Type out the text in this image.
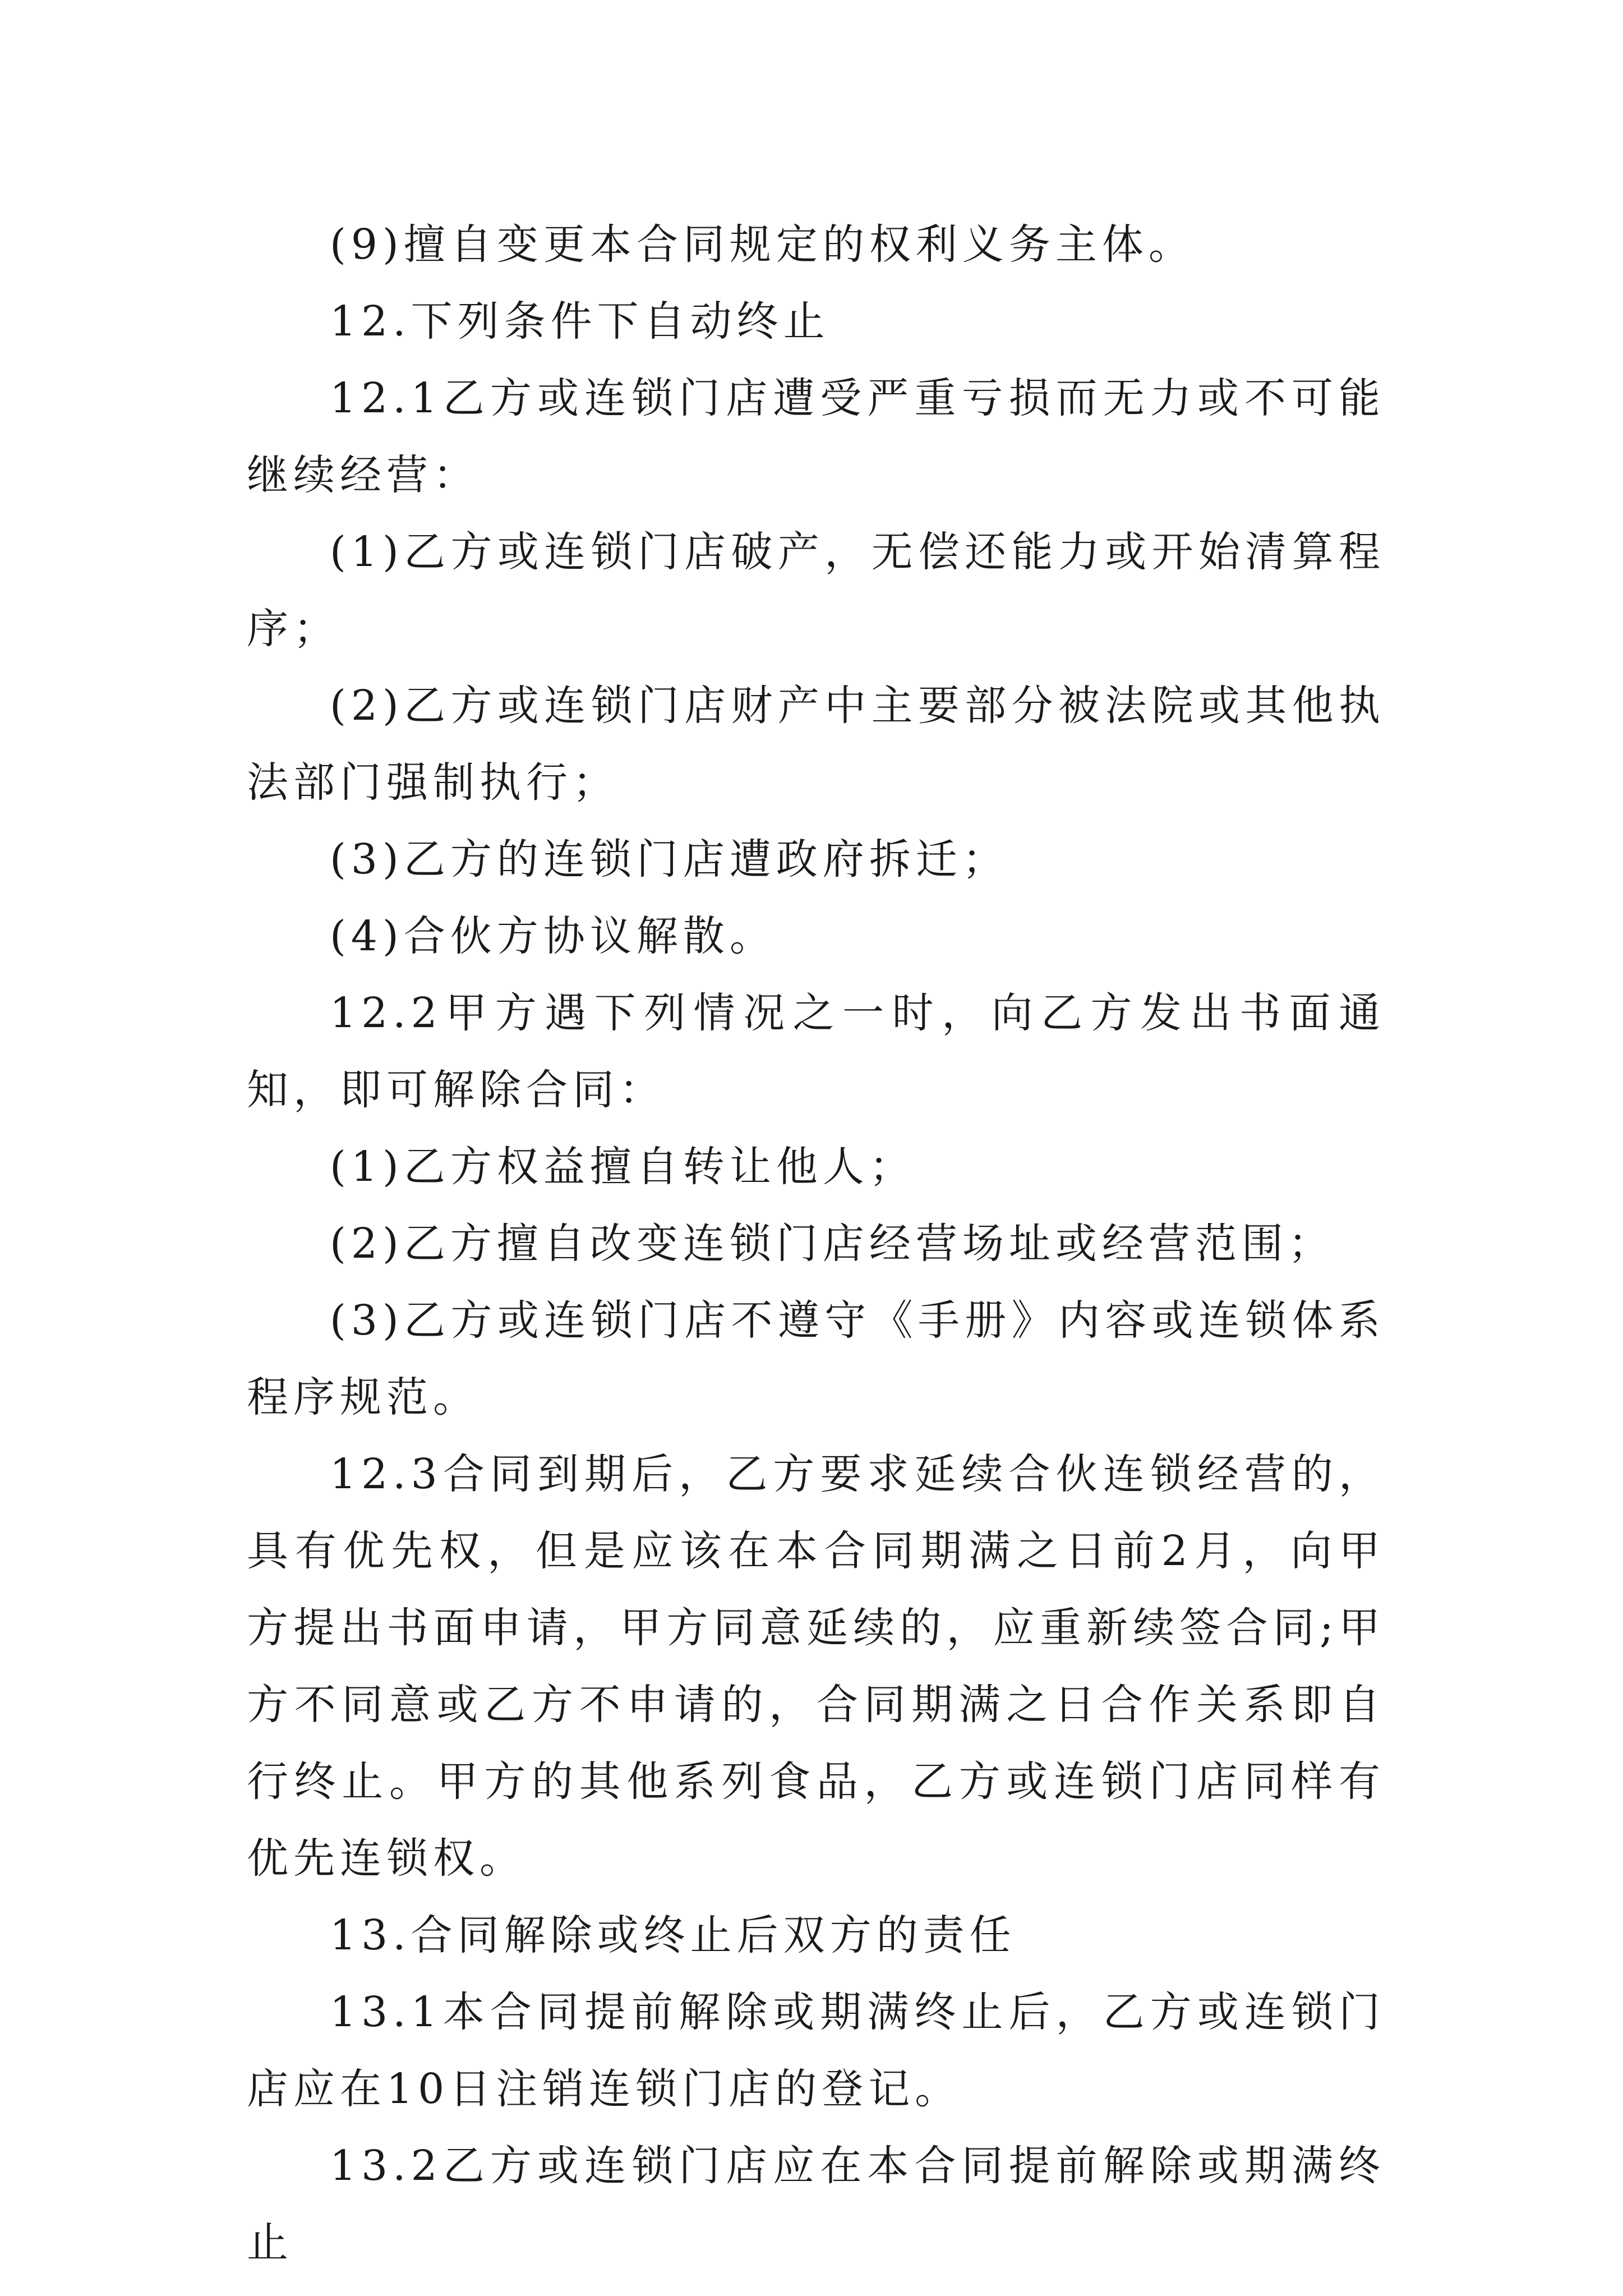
(9)擅自变更本合同规定的权利义务主体。

12.下列条件下自动终止

12.1乙方或连锁门店遭受严重亏损而无力或不可能继续经营：

(1)乙方或连锁门店破产，无偿还能力或开始清算程序；

(2)乙方或连锁门店财产中主要部分被法院或其他执法部门强制执行；

(3)乙方的连锁门店遭政府拆迁；

(4)合伙方协议解散。

12.2甲方遇下列情况之一时，向乙方发出书面通知，即可解除合同：

(1)乙方权益擅自转让他人；

(2)乙方擅自改变连锁门店经营场址或经营范围；

(3)乙方或连锁门店不遵守《手册》内容或连锁体系程序规范。

12.3合同到期后，乙方要求延续合伙连锁经营的，具有优先权，但是应该在本合同期满之日前2月，向甲方提出书面申请，甲方同意延续的，应重新续签合同;甲方不同意或乙方不申请的，合同期满之日合作关系即自行终止。甲方的其他系列食品，乙方或连锁门店同样有优先连锁权。

13.合同解除或终止后双方的责任

13.1本合同提前解除或期满终止后，乙方或连锁门店应在10日注销连锁门店的登记。

13.2乙方或连锁门店应在本合同提前解除或期满终止
